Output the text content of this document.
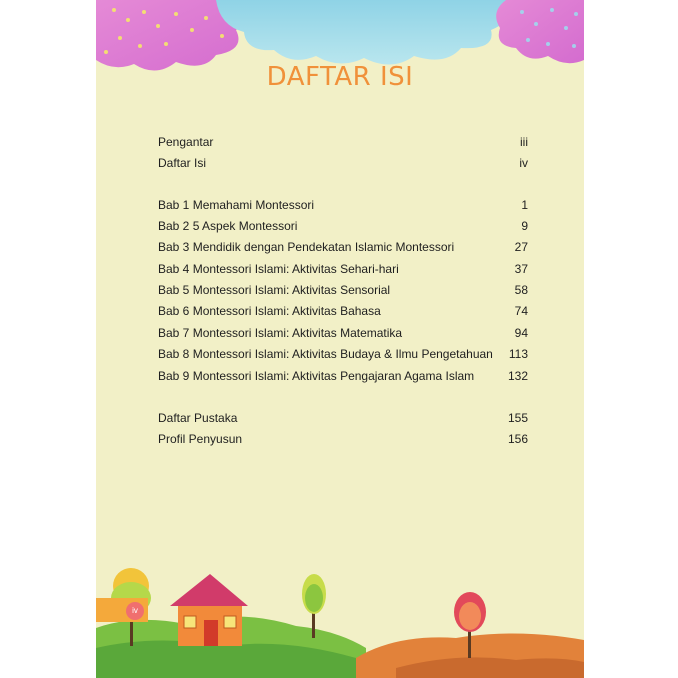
DAFTAR ISI
Pengantar	iii
Daftar Isi	iv
Bab 1 Memahami Montessori	1
Bab 2 5 Aspek Montessori	9
Bab 3 Mendidik dengan Pendekatan Islamic Montessori	27
Bab 4 Montessori Islami: Aktivitas Sehari-hari	37
Bab 5 Montessori Islami: Aktivitas Sensorial	58
Bab 6 Montessori Islami: Aktivitas Bahasa	74
Bab 7 Montessori Islami: Aktivitas Matematika	94
Bab 8 Montessori Islami: Aktivitas Budaya & Ilmu Pengetahuan 113
Bab 9 Montessori Islami: Aktivitas Pengajaran Agama Islam	132
Daftar Pustaka	155
Profil Penyusun	156
iv
